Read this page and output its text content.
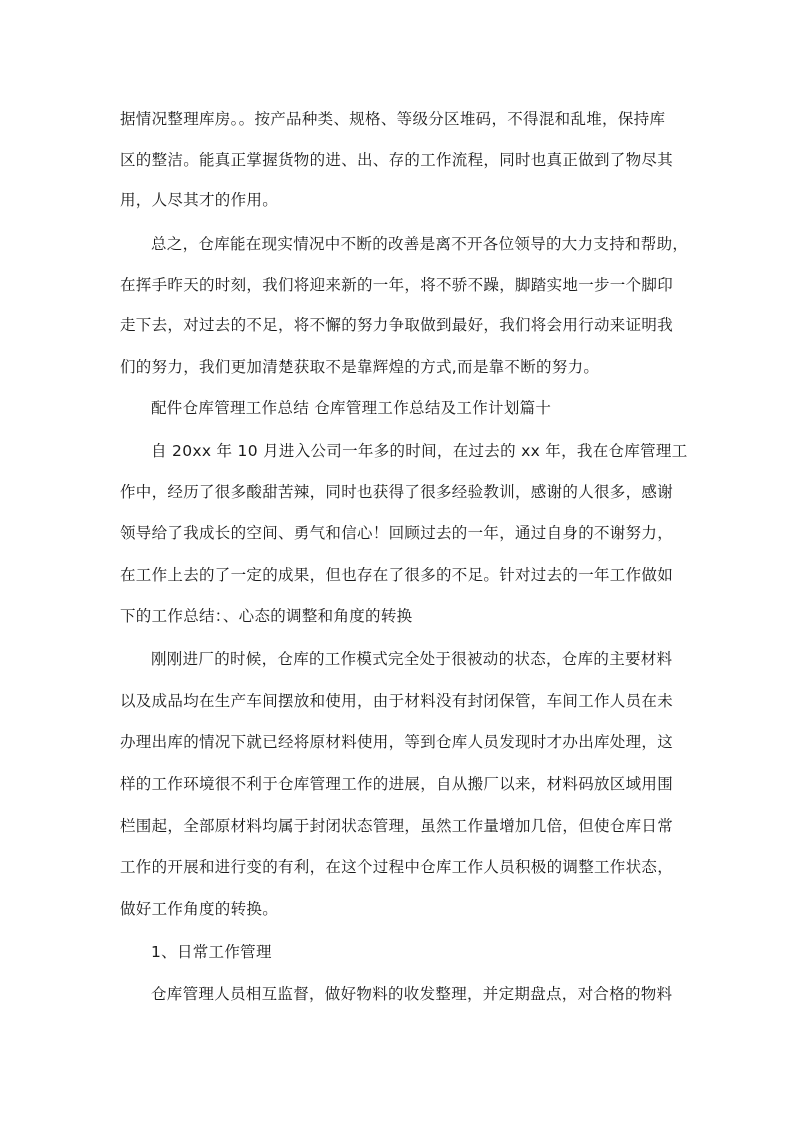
据情况整理库房。。按产品种类、规格、等级分区堆码，不得混和乱堆，保持库
区的整洁。能真正掌握货物的进、出、存的工作流程，同时也真正做到了物尽其
用，人尽其才的作用。
总之，仓库能在现实情况中不断的改善是离不开各位领导的大力支持和帮助，
在挥手昨天的时刻，我们将迎来新的一年，将不骄不躁，脚踏实地一步一个脚印
走下去，对过去的不足，将不懈的努力争取做到最好，我们将会用行动来证明我
们的努力，我们更加清楚获取不是靠辉煌的方式,而是靠不断的努力。
配件仓库管理工作总结 仓库管理工作总结及工作计划篇十
自 20xx 年 10 月进入公司一年多的时间，在过去的 xx 年，我在仓库管理工
作中，经历了很多酸甜苦辣，同时也获得了很多经验教训，感谢的人很多，感谢
领导给了我成长的空间、勇气和信心！回顾过去的一年，通过自身的不谢努力，
在工作上去的了一定的成果，但也存在了很多的不足。针对过去的一年工作做如
下的工作总结：、心态的调整和角度的转换
刚刚进厂的时候，仓库的工作模式完全处于很被动的状态，仓库的主要材料
以及成品均在生产车间摆放和使用，由于材料没有封闭保管，车间工作人员在未
办理出库的情况下就已经将原材料使用，等到仓库人员发现时才办出库处理，这
样的工作环境很不利于仓库管理工作的进展，自从搬厂以来，材料码放区域用围
栏围起，全部原材料均属于封闭状态管理，虽然工作量增加几倍，但使仓库日常
工作的开展和进行变的有利，在这个过程中仓库工作人员积极的调整工作状态，
做好工作角度的转换。
1、日常工作管理
仓库管理人员相互监督，做好物料的收发整理，并定期盘点，对合格的物料
